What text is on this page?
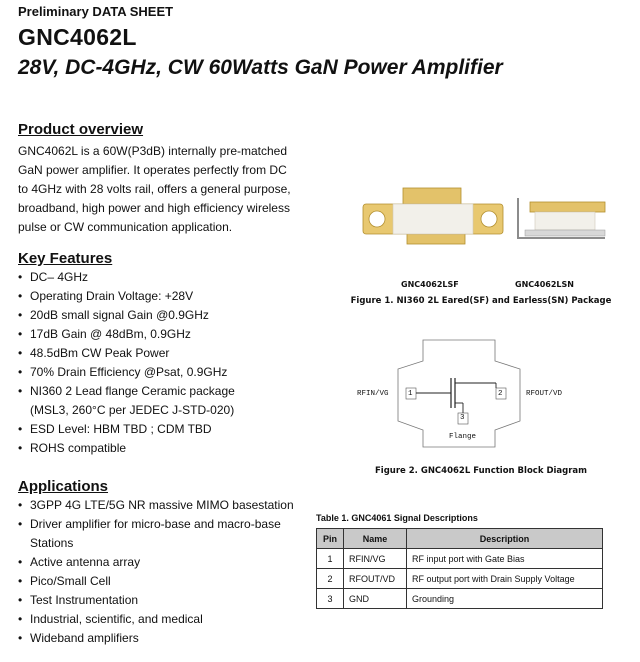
Preliminary DATA SHEET
GNC4062L
28V, DC-4GHz, CW 60Watts GaN Power Amplifier
Product overview
GNC4062L is a 60W(P3dB) internally pre-matched
GaN power amplifier. It operates perfectly from DC
to 4GHz with 28 volts rail, offers a general purpose,
broadband, high power and high efficiency wireless
pulse or CW communication application.
Key Features
• DC– 4GHz
• Operating Drain Voltage: +28V
• 20dB small signal Gain @0.9GHz
• 17dB Gain @ 48dBm, 0.9GHz
• 48.5dBm CW Peak Power
• 70% Drain Efficiency @Psat, 0.9GHz
• NI360 2 Lead flange Ceramic package
(MSL3, 260°C per JEDEC J-STD-020)
• ESD Level: HBM TBD ; CDM TBD
• ROHS compatible
Applications
• 3GPP 4G LTE/5G NR massive MIMO basestation
• Driver amplifier for micro-base and macro-base
Stations
• Active antenna array
• Pico/Small Cell
• Test Instrumentation
• Industrial, scientific, and medical
• Wideband amplifiers
GNC4062LSF	GNC4062LSN
Figure 1. NI360 2L Eared(SF) and Earless(SN) Package
RFIN/VG	RFOUT/VD
1	2
3
Flange
Figure 2. GNC4062L Function Block Diagram
Table 1. GNC4061 Signal Descriptions
Pin	Name	Description
1	RFIN/VG	RF input port with Gate Bias
2	RFOUT/VD	RF output port with Drain Supply Voltage
3	GND	Grounding
